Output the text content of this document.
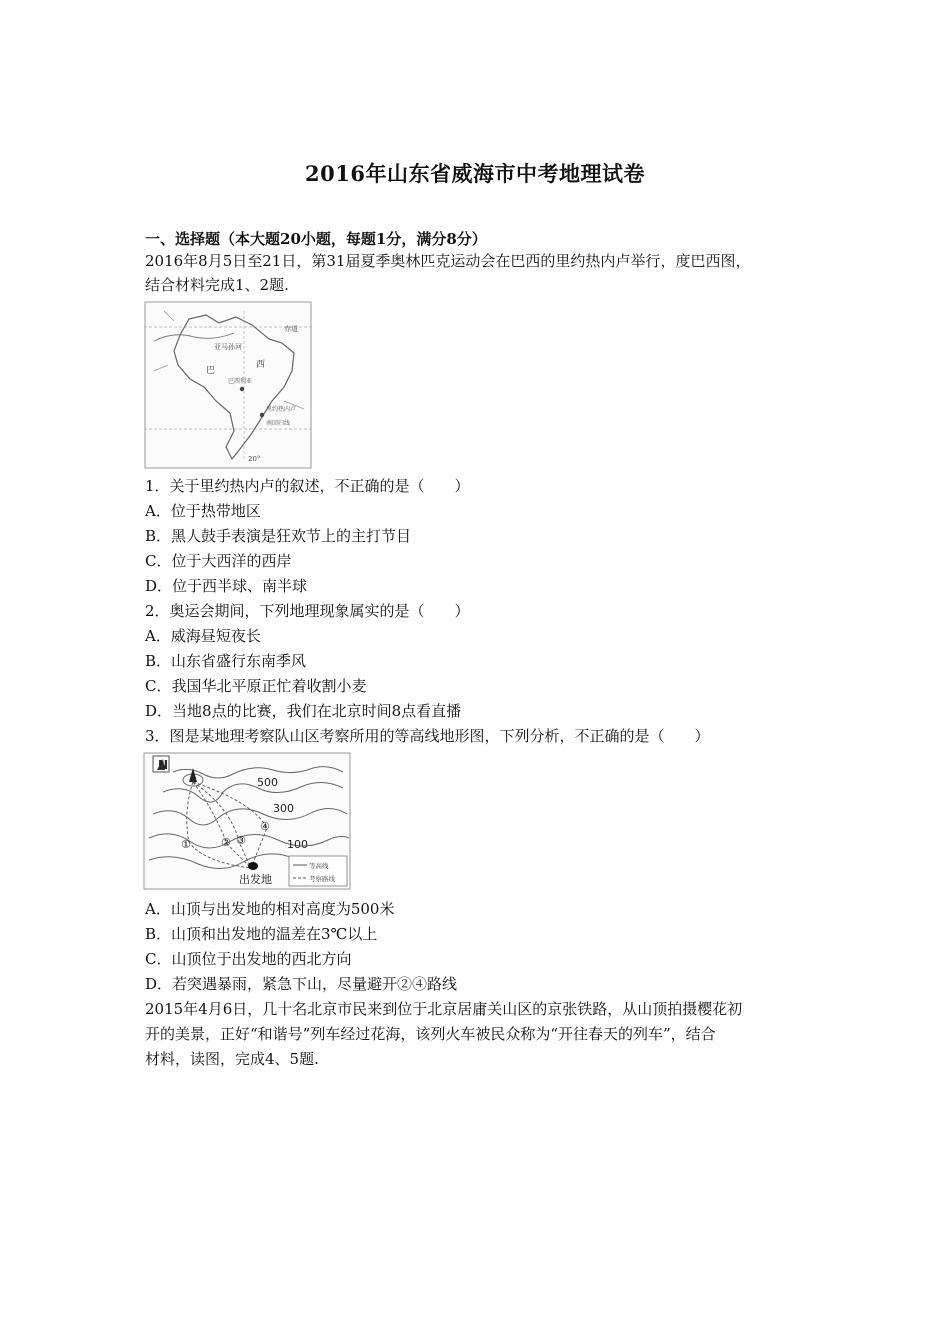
2016年山东省威海市中考地理试卷
一、选择题（本大题20小题，每题1分，满分8分）
2016年8月5日至21日，第31届夏季奥林匹克运动会在巴西的里约热内卢举行，度巴西图，
结合材料完成1、2题.
赤道
亚马孙河
巴
西
巴西利亚
里约热内卢
南回归线
20°
1．关于里约热内卢的叙述，不正确的是（　　）
A．位于热带地区
B．黑人鼓手表演是狂欢节上的主打节目
C．位于大西洋的西岸
D．位于西半球、南半球
2．奥运会期间，下列地理现象属实的是（　　）
A．威海昼短夜长
B．山东省盛行东南季风
C．我国华北平原正忙着收割小麦
D．当地8点的比赛，我们在北京时间8点看直播
3．图是某地理考察队山区考察所用的等高线地形图，下列分析，不正确的是（　　）
N
500
300
100
①	② ③
④
出发地
等高线
考察路线
A．山顶与出发地的相对高度为500米
B．山顶和出发地的温差在3℃以上
C．山顶位于出发地的西北方向
D．若突遇暴雨，紧急下山，尽量避开②④路线
2015年4月6日，几十名北京市民来到位于北京居庸关山区的京张铁路，从山顶拍摄樱花初
开的美景，正好“和谐号”列车经过花海，该列火车被民众称为“开往春天的列车”，结合
材料，读图，完成4、5题.
